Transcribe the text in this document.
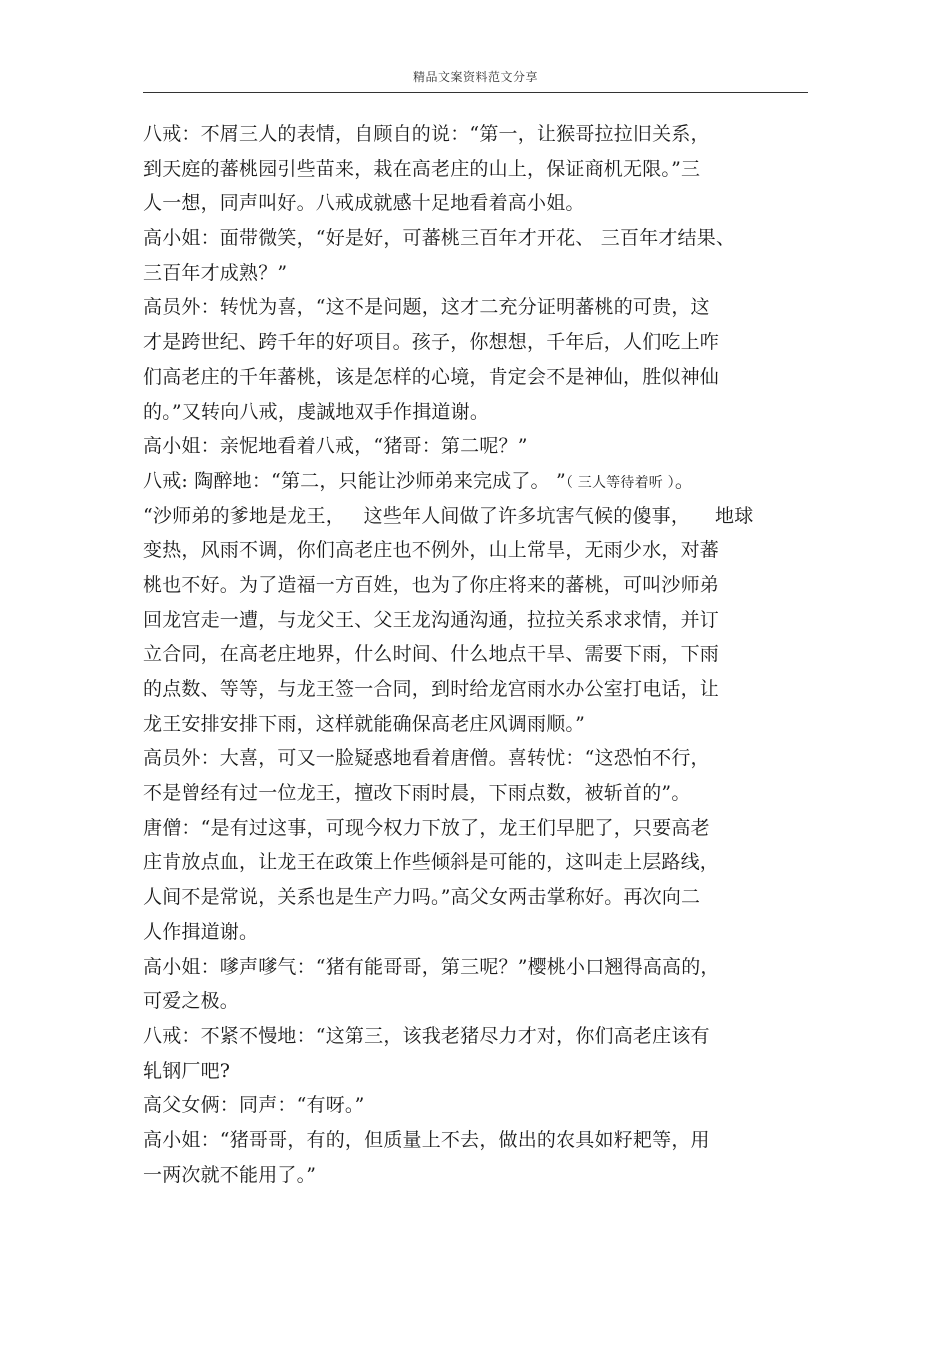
精品文案资料范文分享
八戒：不屑三人的表情，自顾自的说：“第一，让猴哥拉拉旧关系，
到天庭的蕃桃园引些苗来，栽在高老庄的山上，保证商机无限。”三
人一想，同声叫好。八戒成就感十足地看着高小姐。
高小姐：面带微笑，“好是好，可蕃桃三百年才开花、 三百年才结果、
三百年才成熟？”
高员外：转忧为喜，“这不是问题，这才二充分证明蕃桃的可贵，这
才是跨世纪、跨千年的好项目。孩子，你想想，千年后，人们吃上咋
们高老庄的千年蕃桃，该是怎样的心境，肯定会不是神仙，胜似神仙
的。”又转向八戒，虔誠地双手作揖道谢。
高小姐：亲怩地看着八戒，“猪哥：第二呢？”
八戒: 陶醉地：“第二，只能让沙师弟来完成了。 ”（ 三人等待着听 ）。
“沙师弟的爹地是龙王，   这些年人间做了许多坑害气候的傻事，    地球
变热，风雨不调，你们高老庄也不例外，山上常旱，无雨少水，对蕃
桃也不好。为了造福一方百姓，也为了你庄将来的蕃桃，可叫沙师弟
回龙宫走一遭，与龙父王、父王龙沟通沟通，拉拉关系求求情，并订
立合同，在高老庄地界，什么时间、什么地点干旱、需要下雨，下雨
的点数、等等，与龙王签一合同，到时给龙宫雨水办公室打电话，让
龙王安排安排下雨，这样就能确保高老庄风调雨顺。”
高员外：大喜，可又一脸疑惑地看着唐僧。喜转忧：“这恐怕不行，
不是曾经有过一位龙王，擅改下雨时晨，下雨点数，被斩首的”。
唐僧：“是有过这事，可现今权力下放了，龙王们早肥了，只要高老
庄肯放点血，让龙王在政策上作些倾斜是可能的，这叫走上层路线，
人间不是常说，关系也是生产力吗。”高父女两击掌称好。再次向二
人作揖道谢。
高小姐：嗲声嗲气：“猪有能哥哥，第三呢？”樱桃小口翘得高高的，
可爱之极。
八戒：不紧不慢地：“这第三，该我老猪尽力才对，你们高老庄该有
轧钢厂吧?
高父女俩：同声：“有呀。”
高小姐：“猪哥哥，有的，但质量上不去，做出的农具如籽耙等，用
一两次就不能用了。”
